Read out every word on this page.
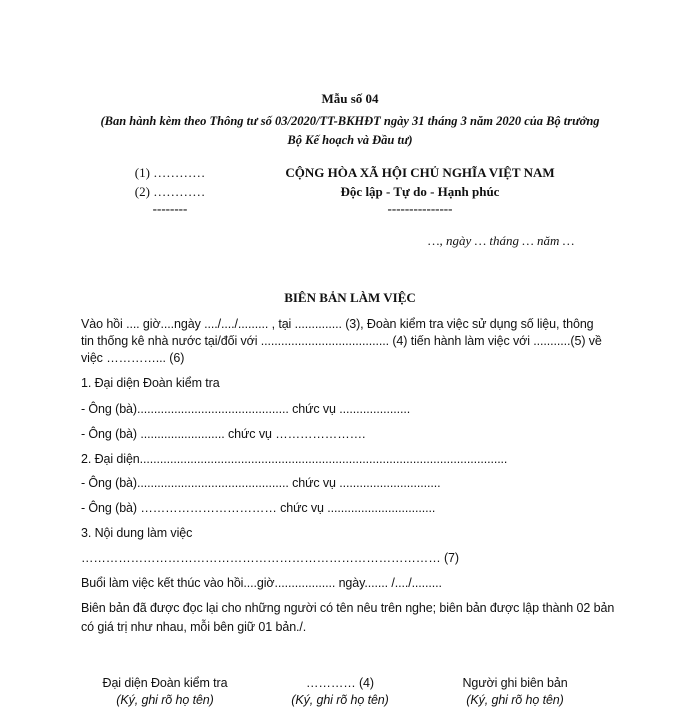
Mẫu số 04
(Ban hành kèm theo Thông tư số 03/2020/TT-BKHĐT ngày 31 tháng 3 năm 2020 của Bộ trưởng
Bộ Kế hoạch và Đầu tư)
(1) …………
(2) …………
--------
CỘNG HÒA XÃ HỘI CHỦ NGHĨA VIỆT NAM
Độc lập - Tự do - Hạnh phúc
---------------
…, ngày … tháng … năm …
BIÊN BẢN LÀM VIỆC
Vào hồi .... giờ....ngày ..../..../......... , tại .............. (3), Đoàn kiểm tra việc sử dụng số liệu, thông
tin thống kê nhà nước tại/đối với ...................................... (4) tiến hành làm việc với ...........(5) về
việc …………... (6)
1. Đại diện Đoàn kiểm tra
- Ông (bà)............................................. chức vụ .....................
- Ông (bà) ......................... chức vụ ………………….
2. Đại diện.............................................................................................................
- Ông (bà)............................................. chức vụ ..............................
- Ông (bà) …………………………… chức vụ ................................
3. Nội dung làm việc
…………………………………………………………………………… (7)
Buổi làm việc kết thúc vào hồi....giờ.................. ngày....... /..../.........
Biên bản đã được đọc lại cho những người có tên nêu trên nghe; biên bản được lập thành 02 bản
có giá trị như nhau, mỗi bên giữ 01 bản./.
Đại diện Đoàn kiểm tra	………… (4)	Người ghi biên bản
(Ký, ghi rõ họ tên)	(Ký, ghi rõ họ tên)	(Ký, ghi rõ họ tên)
